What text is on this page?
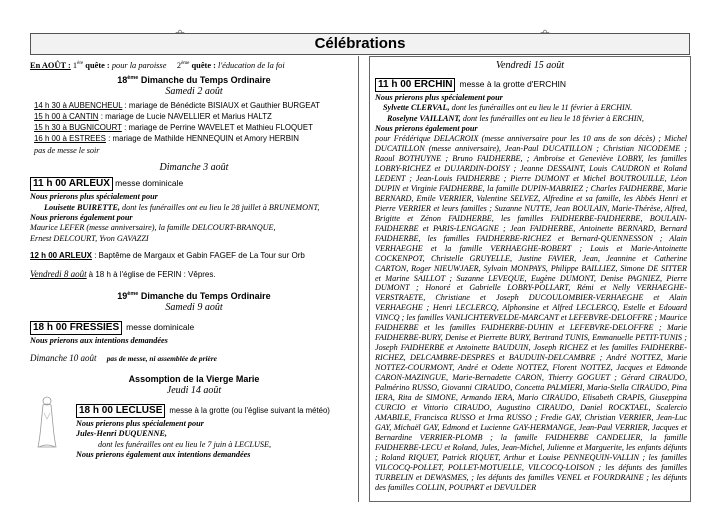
Célébrations
En AOÛT : 1ère quête : pour la paroisse 2ème quête : l'éducation de la foi
18ème Dimanche du Temps Ordinaire
Samedi 2 août
14 h 30 à AUBENCHEUL : mariage de Bénédicte BISIAUX et Gauthier BURGEAT
15 h 00 à CANTIN : mariage de Lucie NAVELLIER et Marius HALTZ
15 h 30 à BUGNICOURT : mariage de Perrine WAVELET et Mathieu FLOQUET
16 h 00 à ESTREES : mariage de Mathilde HENNEQUIN et Amory HERBIN
pas de messe le soir
Dimanche 3 août
11 h 00 ARLEUX messe dominicale
Nous prierons plus spécialement pour
Louisette BUIRETTE, dont les funérailles ont eu lieu le 28 juillet à BRUNEMONT,
Nous prierons également pour
Maurice LEFER (messe anniversaire), la famille DELCOURT-BRANQUE,
Ernest DELCOURT, Yvon GAVAZZI
12 h 00 ARLEUX : Baptême de Margaux et Gabin FAGEF de La Tour sur Orb
Vendredi 8 août à 18 h à l'église de FERIN : Vêpres.
19ème Dimanche du Temps Ordinaire
Samedi 9 août
18 h 00 FRESSIES messe dominicale
Nous prierons aux intentions demandées
Dimanche 10 août pas de messe, ni assemblée de prière
Assomption de la Vierge Marie
Jeudi 14 août
18 h 00 LECLUSE messe à la grotte (ou l'église suivant la météo)
Nous prierons plus spécialement pour
Jules-Henri DUQUENNE,
dont les funérailles ont eu lieu le 7 juin à LECLUSE,
Nous prierons également aux intentions demandées
Vendredi 15 août
11 h 00 ERCHIN messe à la grotte d'ERCHIN
Nous prierons plus spécialement pour
Sylvette CLERVAL, dont les funérailles ont eu lieu le 11 février à ERCHIN.
Roselyne VAILLANT, dont les funérailles ont eu lieu le 18 février à ERCHIN,
Nous prierons également pour
pour Frédérique DELACROIX (messe anniversaire pour les 10 ans de son décès) ; Michel DUCATILLON (messe anniversaire), Jean-Paul DUCATILLON ; Christian NICODEME ; Raoul BOTHUYNE ; Bruno FAIDHERBE, ; Ambroise et Geneviève LOBRY, les familles LOBRY-RICHEZ et DUJARDIN-DOISY ; Jeanne DESSAINT, Louis CAUDRON et Roland LEDENT ; Jean-Louis FAIDHERBE ; Pierre DUMONT et Michel BOUTROUILLE, Léon DUPIN et Virginie FAIDHERBE, la famille DUPIN-MABRIEZ ; Charles FAIDHERBE, Marie BERNARD, Emile VERRIER, Valentine SELVEZ, Alfredine et sa famille, les Abbés Henri et Pierre VERRIER et leurs familles ; Suzanne NUTTE, Jean BOULAIN, Marie-Thérèse, Alfred, Brigitte et Zénon FAIDHERBE, les familles FAIDHERBE-FAIDHERBE, BOULAIN-FAIDHERBE et PARIS-LENGAGNE ; Jean FAIDHERBE, Antoinette BERNARD, Bernard FAIDHERBE, les familles FAIDHERBE-RICHEZ et Bernard-QUENNESSON ; Alain VERHAEGHE et la famille VERHAEGHE-ROBERT ; Louis et Marie-Antoinette COCKENPOT, Christelle GRUYELLE, Justine FAVIER, Jean, Jeannine et Catherine CARTON, Roger NIEUWJAER, Sylvain MONPAYS, Philippe BAILLIEZ, Simone DE SITTER et Marine SAILLOT ; Suzanne LEVEQUE, Eugène DUMONT, Denise PAGNIEZ, Pierre DUMONT ; Honoré et Gabrielle LOBRY-POLLART, Rémi et Nelly VERHAEGHE-VERSTRAETE, Christiane et Joseph DUCOULOMBIER-VERHAEGHE et Alain VERHAEGHE ; Henri LECLERCQ, Alphonsine et Alfred LECLERCQ, Estelle et Edouard VINCQ ; les familles VANLICHTERVELDE-MARCANT et LEFEBVRE-DELOFFRE ; Maurice FAIDHERBE et les familles FAIDHERBE-DUHIN et LEFEBVRE-DELOFFRE ; Marie FAIDHERBE-BURY, Denise et Pierrette BURY, Bertrand TUNIS, Emmanuelle PETIT-TUNIS ; Joseph FAIDHERBE et Antoinette BAUDUIN, Joseph RICHEZ et les familles FAIDHERBE-RICHEZ, DELCAMBRE-DESPRES et BAUDUIN-DELCAMBRE ; André NOTTEZ, Marie NOTTEZ-COURMONT, André et Odette NOTTEZ, Florent NOTTEZ, Jacques et Edmonde CARON-MAZINGUE, Marie-Bernadette CARON, Thierry GOGUET ; Gérard CIRAUDO, Palmérino RUSSO, Giovanni CIRAUDO, Concetta PALMIERI, Maria-Stella CIRAUDO, Pina IERA, Rita de SIMONE, Armando IERA, Mario CIRAUDO, Elisabeth CRAPIS, Giuseppina CURCIO et Vittorio CIRAUDO, Augustino CIRAUDO, Daniel ROCKTAEL, Scalercio AMABILE, Francisca RUSSO et Irma RUSSO ; Fredie GAY, Christian VERRIER, Jean-Luc GAY, Michaël GAY, Edmond et Lucienne GAY-HERMANGE, Jean-Paul VERRIER, Jacques et Bernardine VERRIER-PLOMB ; la famille FAIDHERBE CANDELIER, la famille FAIDHERBE-LECU et Roland, Jules, Jean-Michel, Julienne et Marguerite, les enfants défunts ; Roland RIQUET, Patrick RIQUET, Arthur et Louise PENNEQUIN-VALLIN ; les familles VILCOCQ-POLLET, POLLET-MOTUELLE, VILCOCQ-LOISON ; les défunts des familles TURBELIN et DEWASMES, ; les défunts des familles VENEL et FOURDRAINE ; les défunts des familles COLLIN, POUPART et DEVULDER
